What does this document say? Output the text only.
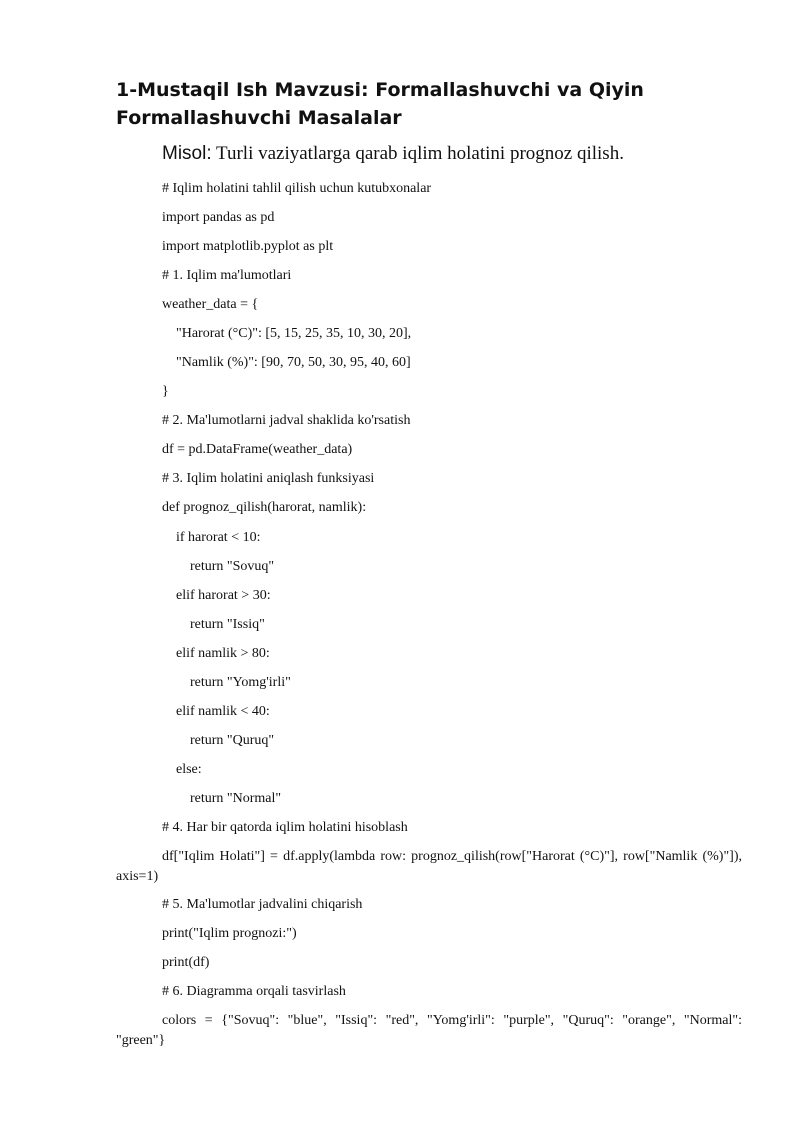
1-Mustaqil Ish Mavzusi: Formallashuvchi va Qiyin Formallashuvchi Masalalar
Misol: Turli vaziyatlarga qarab iqlim holatini prognoz qilish.
# Iqlim holatini tahlil qilish uchun kutubxonalar
import pandas as pd
import matplotlib.pyplot as plt
# 1. Iqlim ma'lumotlari
weather_data = {
"Harorat (°C)": [5, 15, 25, 35, 10, 30, 20],
"Namlik (%)": [90, 70, 50, 30, 95, 40, 60]
}
# 2. Ma'lumotlarni jadval shaklida ko'rsatish
df = pd.DataFrame(weather_data)
# 3. Iqlim holatini aniqlash funksiyasi
def prognoz_qilish(harorat, namlik):
if harorat < 10:
return "Sovuq"
elif harorat > 30:
return "Issiq"
elif namlik > 80:
return "Yomg'irli"
elif namlik < 40:
return "Quruq"
else:
return "Normal"
# 4. Har bir qatorda iqlim holatini hisoblash
df["Iqlim Holati"] = df.apply(lambda row: prognoz_qilish(row["Harorat (°C)"], row["Namlik (%)"]), axis=1)
# 5. Ma'lumotlar jadvalini chiqarish
print("Iqlim prognozi:")
print(df)
# 6. Diagramma orqali tasvirlash
colors = {"Sovuq": "blue", "Issiq": "red", "Yomg'irli": "purple", "Quruq": "orange", "Normal": "green"}
